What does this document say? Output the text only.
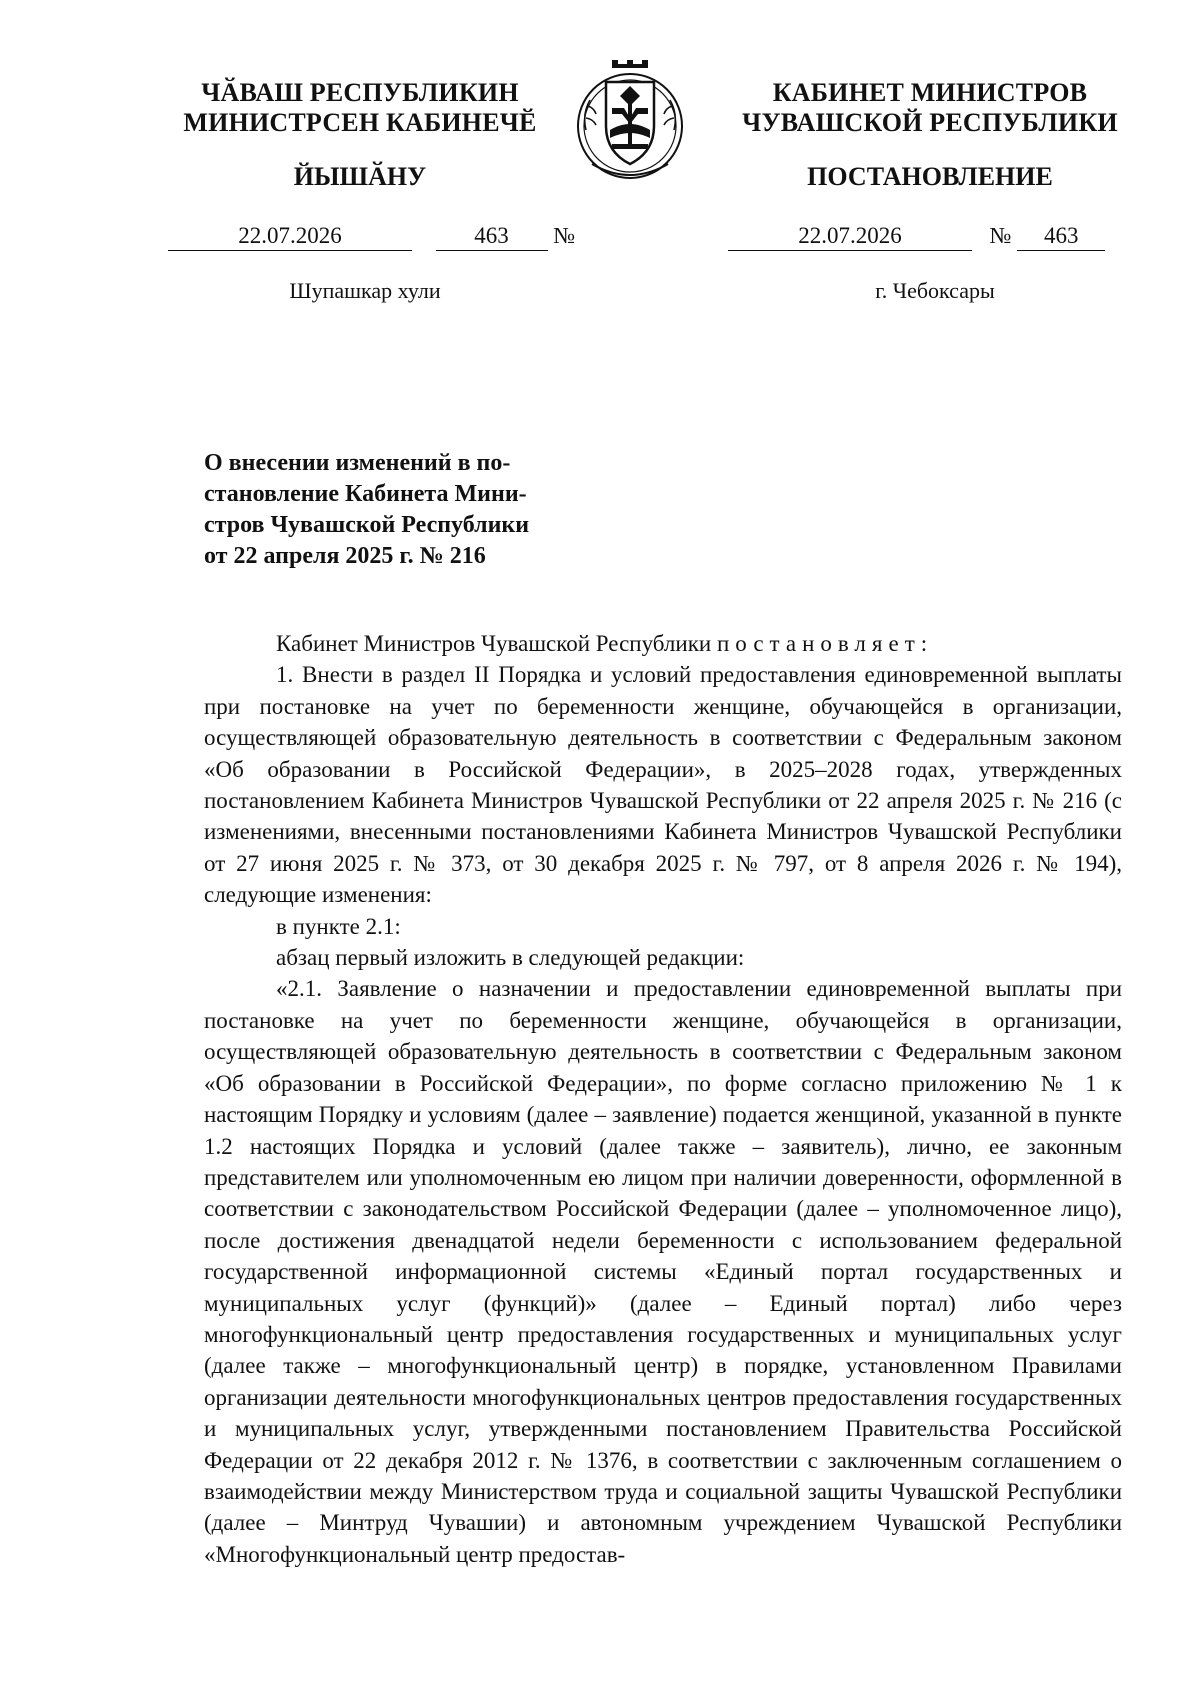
ЧӐВАШ РЕСПУБЛИКИН
МИНИСТРСЕН КАБИНЕЧӖ
ЙЫШӐНУ
КАБИНЕТ МИНИСТРОВ
ЧУВАШСКОЙ РЕСПУБЛИКИ
ПОСТАНОВЛЕНИЕ
22.07.2026	463 №	22.07.2026	№ 463
Шупашкар хули	г. Чебоксары
О внесении изменений в по-
становление Кабинета Мини-
стров Чувашской Республики
от 22 апреля 2025 г. № 216

Кабинет Министров Чувашской Республики постановляет:

1. Внести в раздел II Порядка и условий предоставления единовременной выплаты при постановке на учет по беременности женщине, обучающейся в организации, осуществляющей образовательную деятельность в соответствии с Федеральным законом «Об образовании в Российской Федерации», в 2025–2028 годах, утвержденных постановлением Кабинета Министров Чувашской Республики от 22 апреля 2025 г. № 216 (с изменениями, внесенными постановлениями Кабинета Министров Чувашской Республики от 27 июня 2025 г. № 373, от 30 декабря 2025 г. № 797, от 8 апреля 2026 г. № 194), следующие изменения:

в пункте 2.1:

абзац первый изложить в следующей редакции:

«2.1. Заявление о назначении и предоставлении единовременной выплаты при постановке на учет по беременности женщине, обучающейся в организации, осуществляющей образовательную деятельность в соответствии с Федеральным законом «Об образовании в Российской Федерации», по форме согласно приложению № 1 к настоящим Порядку и условиям (далее – заявление) подается женщиной, указанной в пункте 1.2 настоящих Порядка и условий (далее также – заявитель), лично, ее законным представителем или уполномоченным ею лицом при наличии доверенности, оформленной в соответствии с законодательством Российской Федерации (далее – уполномоченное лицо), после достижения двенадцатой недели беременности с использованием федеральной государственной информационной системы «Единый портал государственных и муниципальных услуг (функций)» (далее – Единый портал) либо через многофункциональный центр предоставления государственных и муниципальных услуг (далее также – многофункциональный центр) в порядке, установленном Правилами организации деятельности многофункциональных центров предоставления государственных и муниципальных услуг, утвержденными постановлением Правительства Российской Федерации от 22 декабря 2012 г. № 1376, в соответствии с заключенным соглашением о взаимодействии между Министерством труда и социальной защиты Чувашской Республики (далее – Минтруд Чувашии) и автономным учреждением Чувашской Республики «Многофункциональный центр предостав-
